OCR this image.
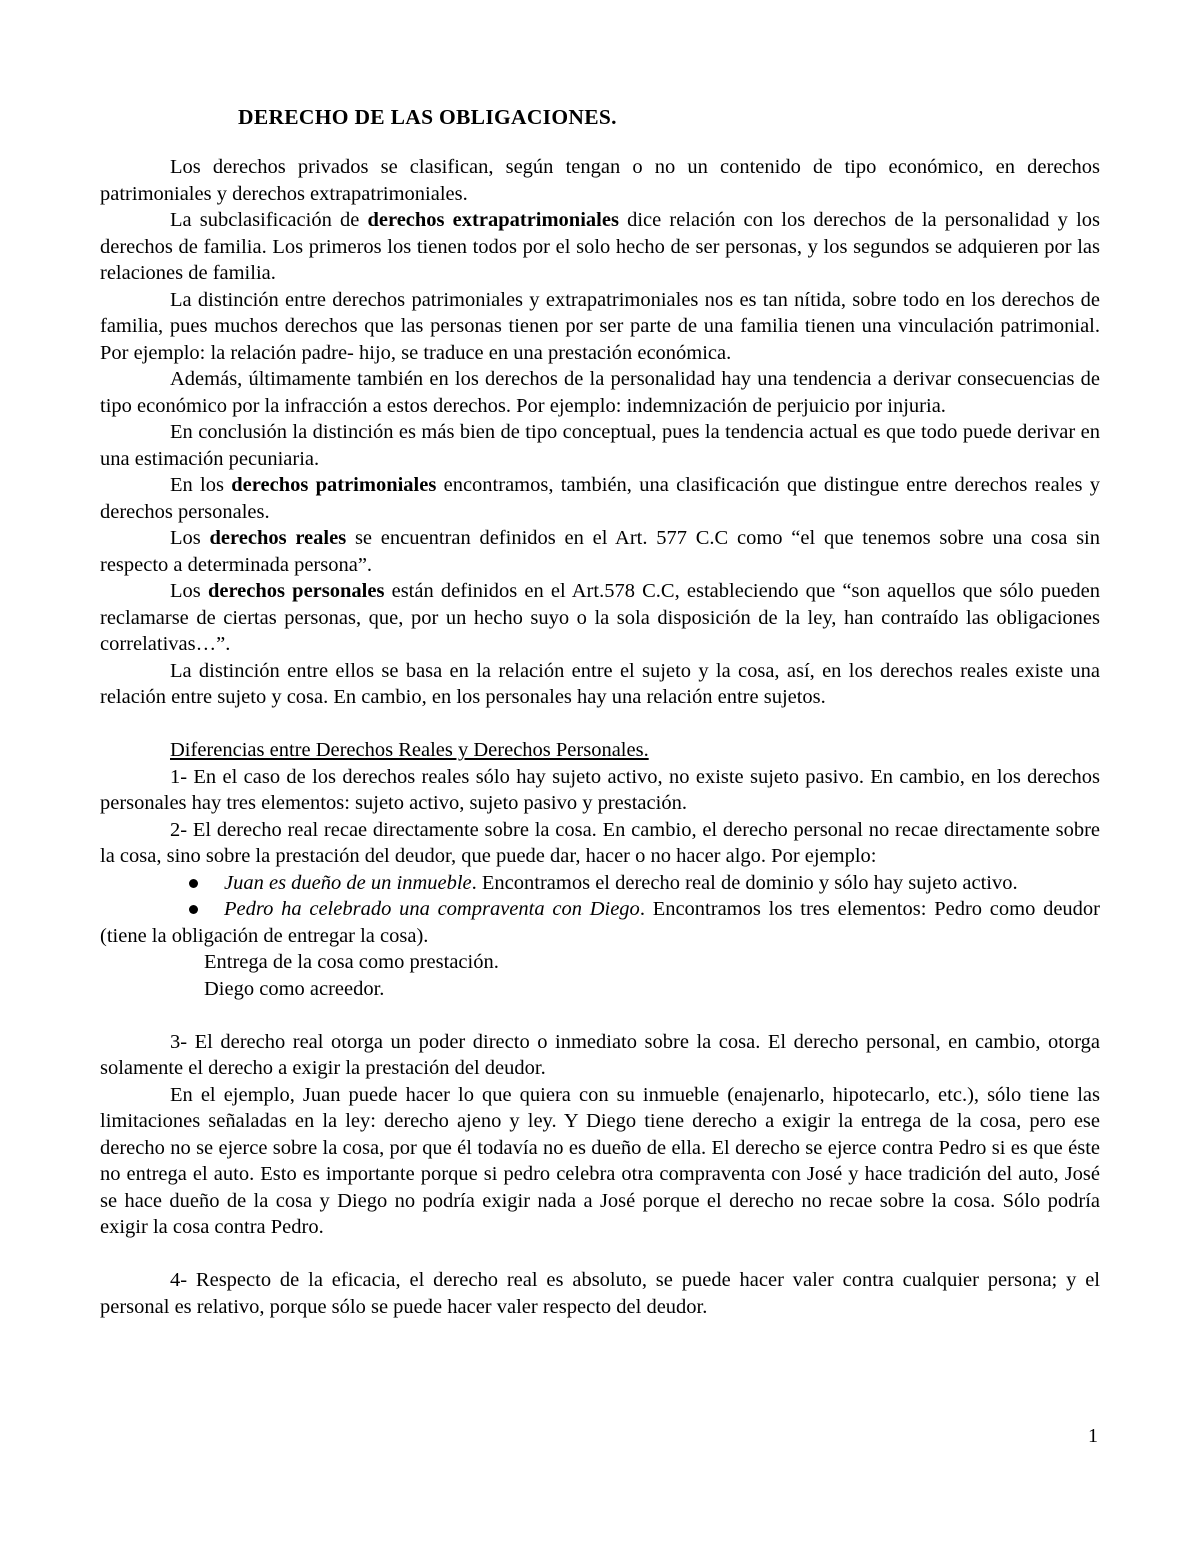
DERECHO DE LAS OBLIGACIONES.

Los derechos privados se clasifican, según tengan o no un contenido de tipo económico, en derechos patrimoniales y derechos extrapatrimoniales.

La subclasificación de derechos extrapatrimoniales dice relación con los derechos de la personalidad y los derechos de familia. Los primeros los tienen todos por el solo hecho de ser personas, y los segundos se adquieren por las relaciones de familia.

La distinción entre derechos patrimoniales y extrapatrimoniales nos es tan nítida, sobre todo en los derechos de familia, pues muchos derechos que las personas tienen por ser parte de una familia tienen una vinculación patrimonial. Por ejemplo: la relación padre- hijo, se traduce en una prestación económica.

Además, últimamente también en los derechos de la personalidad hay una tendencia a derivar consecuencias de tipo económico por la infracción a estos derechos. Por ejemplo: indemnización de perjuicio por injuria.

En conclusión la distinción es más bien de tipo conceptual, pues la tendencia actual es que todo puede derivar en una estimación pecuniaria.

En los derechos patrimoniales encontramos, también, una clasificación que distingue entre derechos reales y derechos personales.

Los derechos reales se encuentran definidos en el Art. 577 C.C como “el que tenemos sobre una cosa sin respecto a determinada persona”.

Los derechos personales están definidos en el Art.578 C.C, estableciendo que “son aquellos que sólo pueden reclamarse de ciertas personas, que, por un hecho suyo o la sola disposición de la ley, han contraído las obligaciones correlativas…”.

La distinción entre ellos se basa en la relación entre el sujeto y la cosa, así, en los derechos reales existe una relación entre sujeto y cosa. En cambio, en los personales hay una relación entre sujetos.

Diferencias entre Derechos Reales y Derechos Personales.

1- En el caso de los derechos reales sólo hay sujeto activo, no existe sujeto pasivo. En cambio, en los derechos personales hay tres elementos: sujeto activo, sujeto pasivo y prestación.

2- El derecho real recae directamente sobre la cosa. En cambio, el derecho personal no recae directamente sobre la cosa, sino sobre la prestación del deudor, que puede dar, hacer o no hacer algo. Por ejemplo:

Juan es dueño de un inmueble. Encontramos el derecho real de dominio y sólo hay sujeto activo.

Pedro ha celebrado una compraventa con Diego. Encontramos los tres elementos: Pedro como deudor (tiene la obligación de entregar la cosa).

Entrega de la cosa como prestación.

Diego como acreedor.

3- El derecho real otorga un poder directo o inmediato sobre la cosa. El derecho personal, en cambio, otorga solamente el derecho a exigir la prestación del deudor.

En el ejemplo, Juan puede hacer lo que quiera con su inmueble (enajenarlo, hipotecarlo, etc.), sólo tiene las limitaciones señaladas en la ley: derecho ajeno y ley. Y Diego tiene derecho a exigir la entrega de la cosa, pero ese derecho no se ejerce sobre la cosa, por que él todavía no es dueño de ella. El derecho se ejerce contra Pedro si es que éste no entrega el auto. Esto es importante porque si pedro celebra otra compraventa con José y hace tradición del auto, José se hace dueño de la cosa y Diego no podría exigir nada a José porque el derecho no recae sobre la cosa. Sólo podría exigir la cosa contra Pedro.

4- Respecto de la eficacia, el derecho real es absoluto, se puede hacer valer contra cualquier persona; y el personal es relativo, porque sólo se puede hacer valer respecto del deudor.

1
